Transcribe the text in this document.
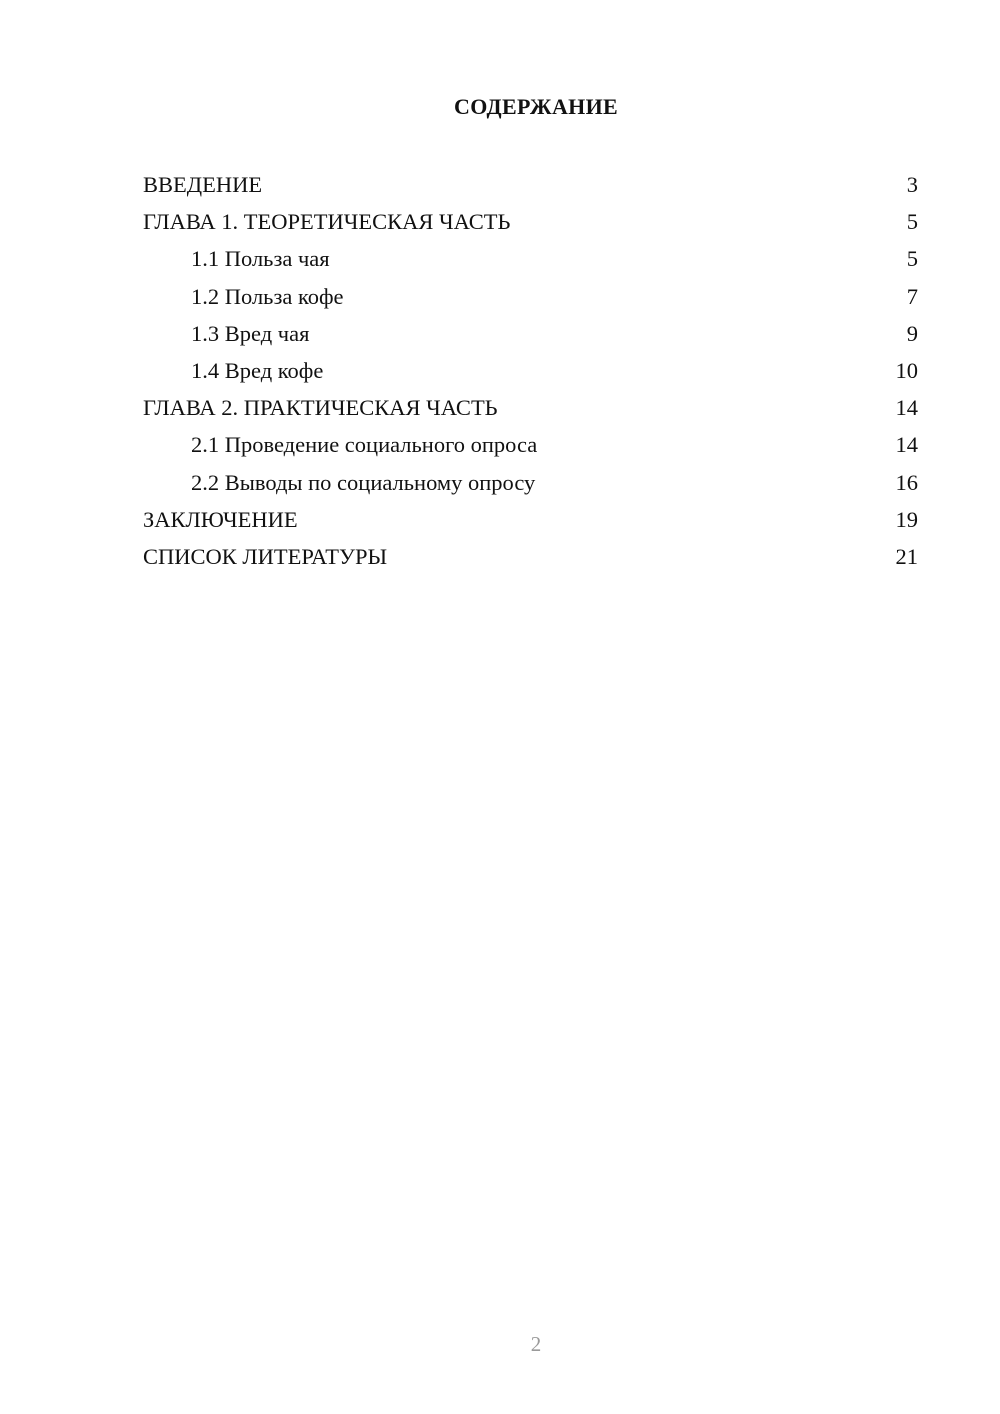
СОДЕРЖАНИЕ
ВВЕДЕНИЕ	3
ГЛАВА 1. ТЕОРЕТИЧЕСКАЯ ЧАСТЬ	5
1.1 Польза чая	5
1.2 Польза кофе	7
1.3 Вред чая	9
1.4 Вред кофе	10
ГЛАВА 2. ПРАКТИЧЕСКАЯ ЧАСТЬ	14
2.1 Проведение социального опроса	14
2.2 Выводы по социальному опросу	16
ЗАКЛЮЧЕНИЕ	19
СПИСОК ЛИТЕРАТУРЫ	21
2
